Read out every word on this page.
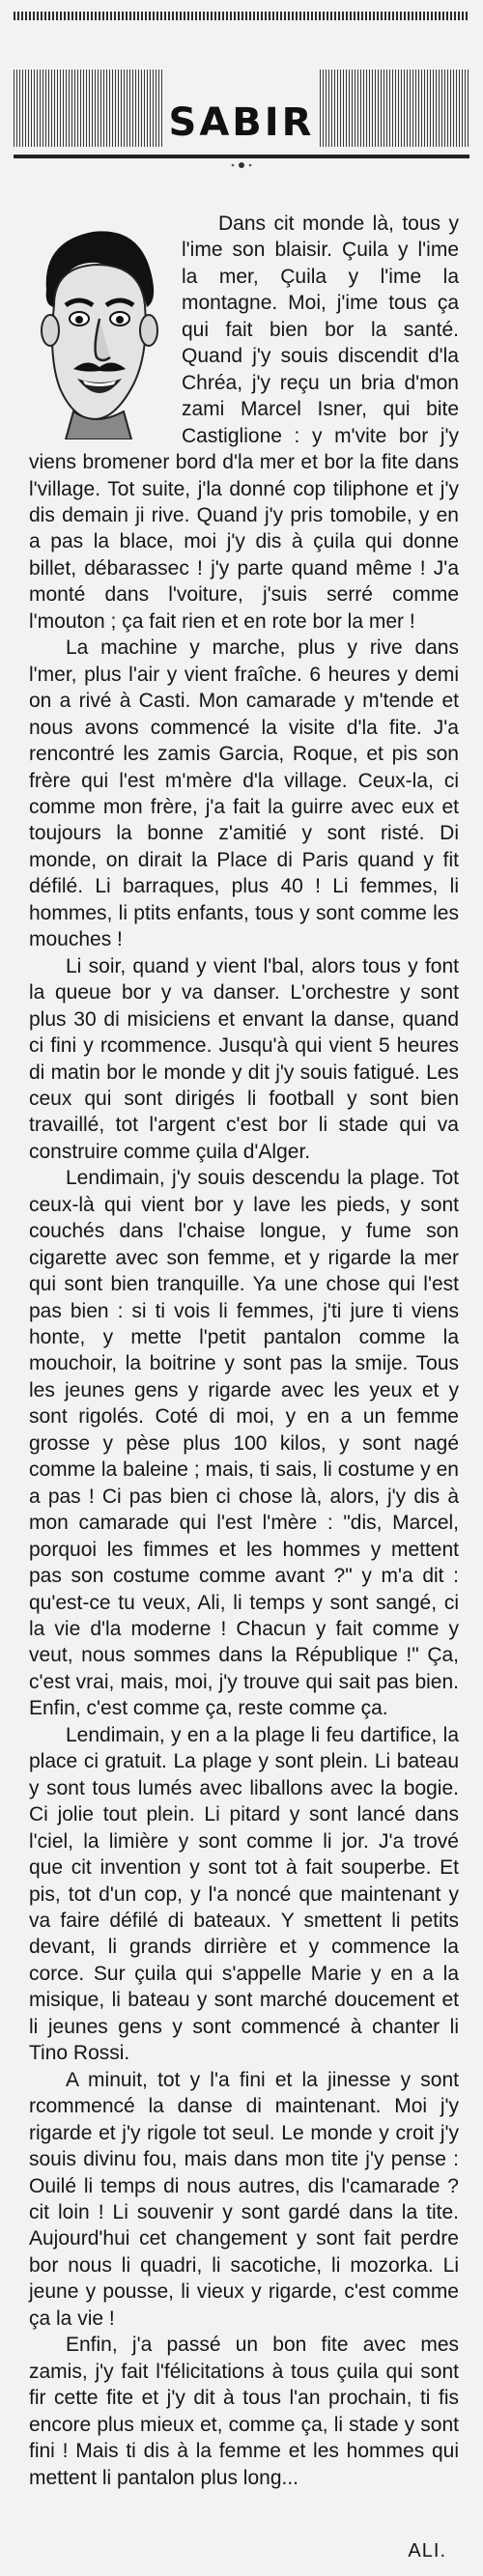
SABIR

Dans cit monde là, tous y l'ime son blaisir. Çuila y l'ime la mer, Çuila y l'ime la montagne. Moi, j'ime tous ça qui fait bien bor la santé. Quand j'y souis discendit d'la Chréa, j'y reçu un bria d'mon zami Marcel Isner, qui bite Castiglione : y m'vite bor j'y viens bromener bord d'la mer et bor la fite dans l'village. Tot suite, j'la donné cop tiliphone et j'y dis demain ji rive. Quand j'y pris tomobile, y en a pas la blace, moi j'y dis à çuila qui donne billet, débarassec ! j'y parte quand même ! J'a monté dans l'voiture, j'suis serré comme l'mouton ; ça fait rien et en rote bor la mer !

La machine y marche, plus y rive dans l'mer, plus l'air y vient fraîche. 6 heures y demi on a rivé à Casti. Mon camarade y m'tende et nous avons commencé la visite d'la fite. J'a rencontré les zamis Garcia, Roque, et pis son frère qui l'est m'mère d'la village. Ceux-la, ci comme mon frère, j'a fait la guirre avec eux et toujours la bonne z'amitié y sont risté. Di monde, on dirait la Place di Paris quand y fit défilé. Li barraques, plus 40 ! Li femmes, li hommes, li ptits enfants, tous y sont comme les mouches !

Li soir, quand y vient l'bal, alors tous y font la queue bor y va danser. L'orchestre y sont plus 30 di misiciens et envant la danse, quand ci fini y rcommence. Jusqu'à qui vient 5 heures di matin bor le monde y dit j'y souis fatigué. Les ceux qui sont dirigés li football y sont bien travaillé, tot l'argent c'est bor li stade qui va construire comme çuila d'Alger.

Lendimain, j'y souis descendu la plage. Tot ceux-là qui vient bor y lave les pieds, y sont couchés dans l'chaise longue, y fume son cigarette avec son femme, et y rigarde la mer qui sont bien tranquille. Ya une chose qui l'est pas bien : si ti vois li femmes, j'ti jure ti viens honte, y mette l'petit pantalon comme la mouchoir, la boitrine y sont pas la smije. Tous les jeunes gens y rigarde avec les yeux et y sont rigolés. Coté di moi, y en a un femme grosse y pèse plus 100 kilos, y sont nagé comme la baleine ; mais, ti sais, li costume y en a pas ! Ci pas bien ci chose là, alors, j'y dis à mon camarade qui l'est l'mère : "dis, Marcel, porquoi les fimmes et les hommes y mettent pas son costume comme avant ?" y m'a dit : qu'est-ce tu veux, Ali, li temps y sont sangé, ci la vie d'la moderne ! Chacun y fait comme y veut, nous sommes dans la République !" Ça, c'est vrai, mais, moi, j'y trouve qui sait pas bien. Enfin, c'est comme ça, reste comme ça.

Lendimain, y en a la plage li feu dartifice, la place ci gratuit. La plage y sont plein. Li bateau y sont tous lumés avec liballons avec la bogie. Ci jolie tout plein. Li pitard y sont lancé dans l'ciel, la limière y sont comme li jor. J'a trové que cit invention y sont tot à fait souperbe. Et pis, tot d'un cop, y l'a noncé que maintenant y va faire défilé di bateaux. Y smettent li petits devant, li grands dirrière et y commence la corce. Sur çuila qui s'appelle Marie y en a la misique, li bateau y sont marché doucement et li jeunes gens y sont commencé à chanter li Tino Rossi.

A minuit, tot y l'a fini et la jinesse y sont rcommencé la danse di maintenant. Moi j'y rigarde et j'y rigole tot seul. Le monde y croit j'y souis divinu fou, mais dans mon tite j'y pense : Ouilé li temps di nous autres, dis l'camarade ? cit loin ! Li souvenir y sont gardé dans la tite. Aujourd'hui cet changement y sont fait perdre bor nous li quadri, li sacotiche, li mozorka. Li jeune y pousse, li vieux y rigarde, c'est comme ça la vie !

Enfin, j'a passé un bon fite avec mes zamis, j'y fait l'félicitations à tous çuila qui sont fir cette fite et j'y dit à tous l'an prochain, ti fis encore plus mieux et, comme ça, li stade y sont fini ! Mais ti dis à la femme et les hommes qui mettent li pantalon plus long...

ALI.
